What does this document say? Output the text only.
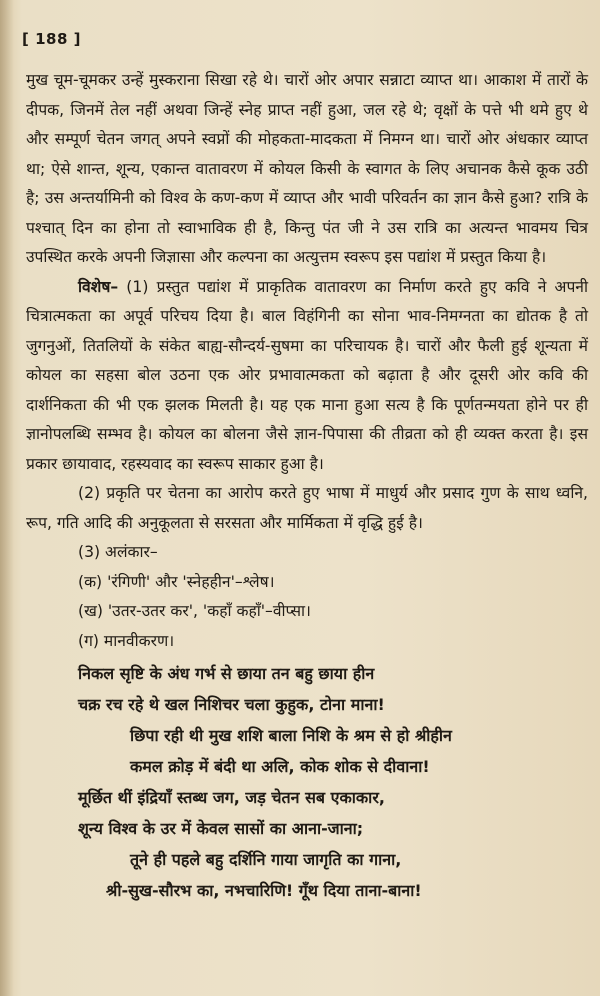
[ 188 ]

मुख चूम-चूमकर उन्हें मुस्कराना सिखा रहे थे। चारों ओर अपार सन्नाटा व्याप्त था। आकाश में तारों के दीपक, जिनमें तेल नहीं अथवा जिन्हें स्नेह प्राप्त नहीं हुआ, जल रहे थे; वृक्षों के पत्ते भी थमे हुए थे और सम्पूर्ण चेतन जगत् अपने स्वप्नों की मोहकता-मादकता में निमग्न था। चारों ओर अंधकार व्याप्त था; ऐसे शान्त, शून्य, एकान्त वातावरण में कोयल किसी के स्वागत के लिए अचानक कैसे कूक उठी है; उस अन्तर्यामिनी को विश्व के कण-कण में व्याप्त और भावी परिवर्तन का ज्ञान कैसे हुआ? रात्रि के पश्चात् दिन का होना तो स्वाभाविक ही है, किन्तु पंत जी ने उस रात्रि का अत्यन्त भावमय चित्र उपस्थित करके अपनी जिज्ञासा और कल्पना का अत्युत्तम स्वरूप इस पद्यांश में प्रस्तुत किया है।

विशेष– (1) प्रस्तुत पद्यांश में प्राकृतिक वातावरण का निर्माण करते हुए कवि ने अपनी चित्रात्मकता का अपूर्व परिचय दिया है। बाल विहंगिनी का सोना भाव-निमग्नता का द्योतक है तो जुगनुओं, तितलियों के संकेत बाह्य-सौन्दर्य-सुषमा का परिचायक है। चारों और फैली हुई शून्यता में कोयल का सहसा बोल उठना एक ओर प्रभावात्मकता को बढ़ाता है और दूसरी ओर कवि की दार्शनिकता की भी एक झलक मिलती है। यह एक माना हुआ सत्य है कि पूर्णतन्मयता होने पर ही ज्ञानोपलब्धि सम्भव है। कोयल का बोलना जैसे ज्ञान-पिपासा की तीव्रता को ही व्यक्त करता है। इस प्रकार छायावाद, रहस्यवाद का स्वरूप साकार हुआ है।

(2) प्रकृति पर चेतना का आरोप करते हुए भाषा में माधुर्य और प्रसाद गुण के साथ ध्वनि, रूप, गति आदि की अनुकूलता से सरसता और मार्मिकता में वृद्धि हुई है।

(3) अलंकार–

(क) 'रंगिणी' और 'स्नेहहीन'–श्लेष।

(ख) 'उतर-उतर कर', 'कहाँ कहाँ'–वीप्सा।

(ग) मानवीकरण।

निकल सृष्टि के अंध गर्भ से छाया तन बहु छाया हीन
चक्र रच रहे थे खल निशिचर चला कुहुक, टोना माना!
छिपा रही थी मुख शशि बाला निशि के श्रम से हो श्रीहीन
कमल क्रोड़ में बंदी था अलि, कोक शोक से दीवाना!
मूर्छित थीं इंद्रियाँ स्तब्ध जग, जड़ चेतन सब एकाकार,
शून्य विश्व के उर में केवल सासों का आना-जाना;
तूने ही पहले बहु दर्शिनि गाया जागृति का गाना,
श्री-सुख-सौरभ का, नभचारिणि! गूँथ दिया ताना-बाना!
